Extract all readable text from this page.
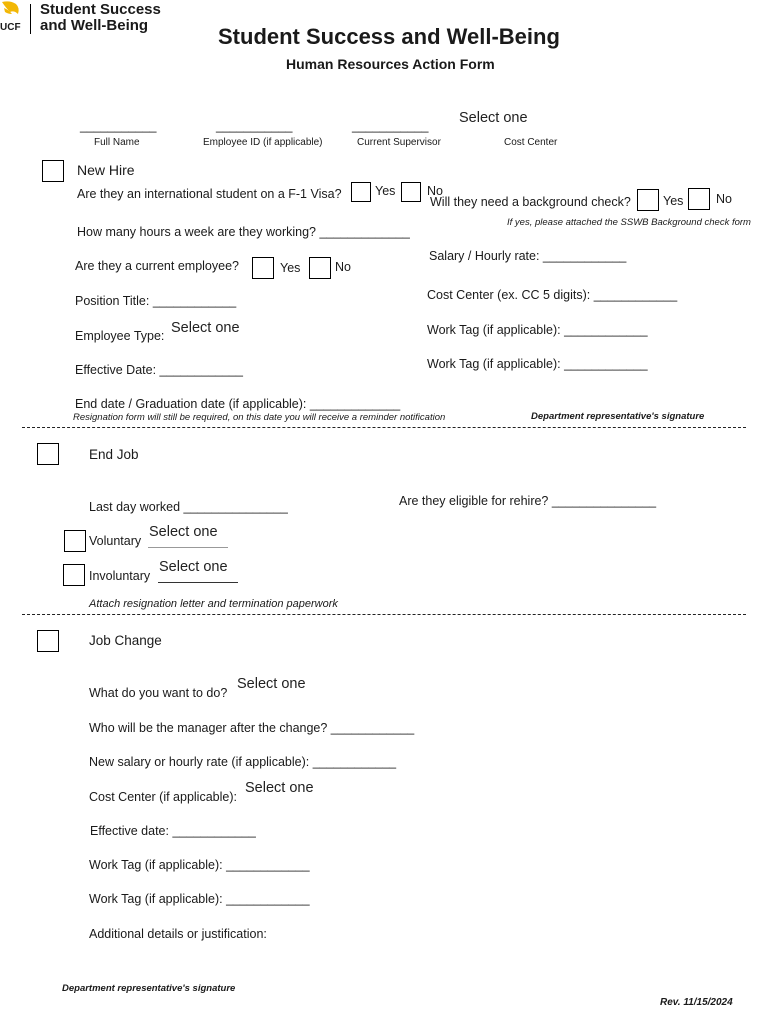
UCF
Student Success
and Well-Being	Student Success and Well-Being
Human Resources Action Form
___________
Full Name
___________
Employee ID (if applicable)
___________
Current Supervisor
Select one
Cost Center
New Hire
Are they an international student on a F-1 Visa?	Yes	No
Will they need a background check?	Yes	No
If yes, please attached the SSWB Background check form
How many hours a week are they working? _____________
Salary / Hourly rate: ____________
Are they a current employee?	Yes	No
Cost Center (ex. CC 5 digits): ____________
Position Title: ____________
Employee Type: Select one	Work Tag (if applicable): ____________
Work Tag (if applicable): ____________
Effective Date: ____________
End date / Graduation date (if applicable): _____________
Resignation form will still be required, on this date you will receive a reminder notification	Department representative's signature
End Job
Last day worked _______________	Are they eligible for rehire? _______________
Voluntary
Select one
Involuntary
Select one
Attach resignation letter and termination paperwork
Job Change
What do you want to do?
Select one
Who will be the manager after the change? ____________
New salary or hourly rate (if applicable): ____________
Cost Center (if applicable):
Select one
Effective date: ____________
Work Tag (if applicable): ____________
Work Tag (if applicable): ____________
Additional details or justification:
Department representative's signature
Rev. 11/15/2024
